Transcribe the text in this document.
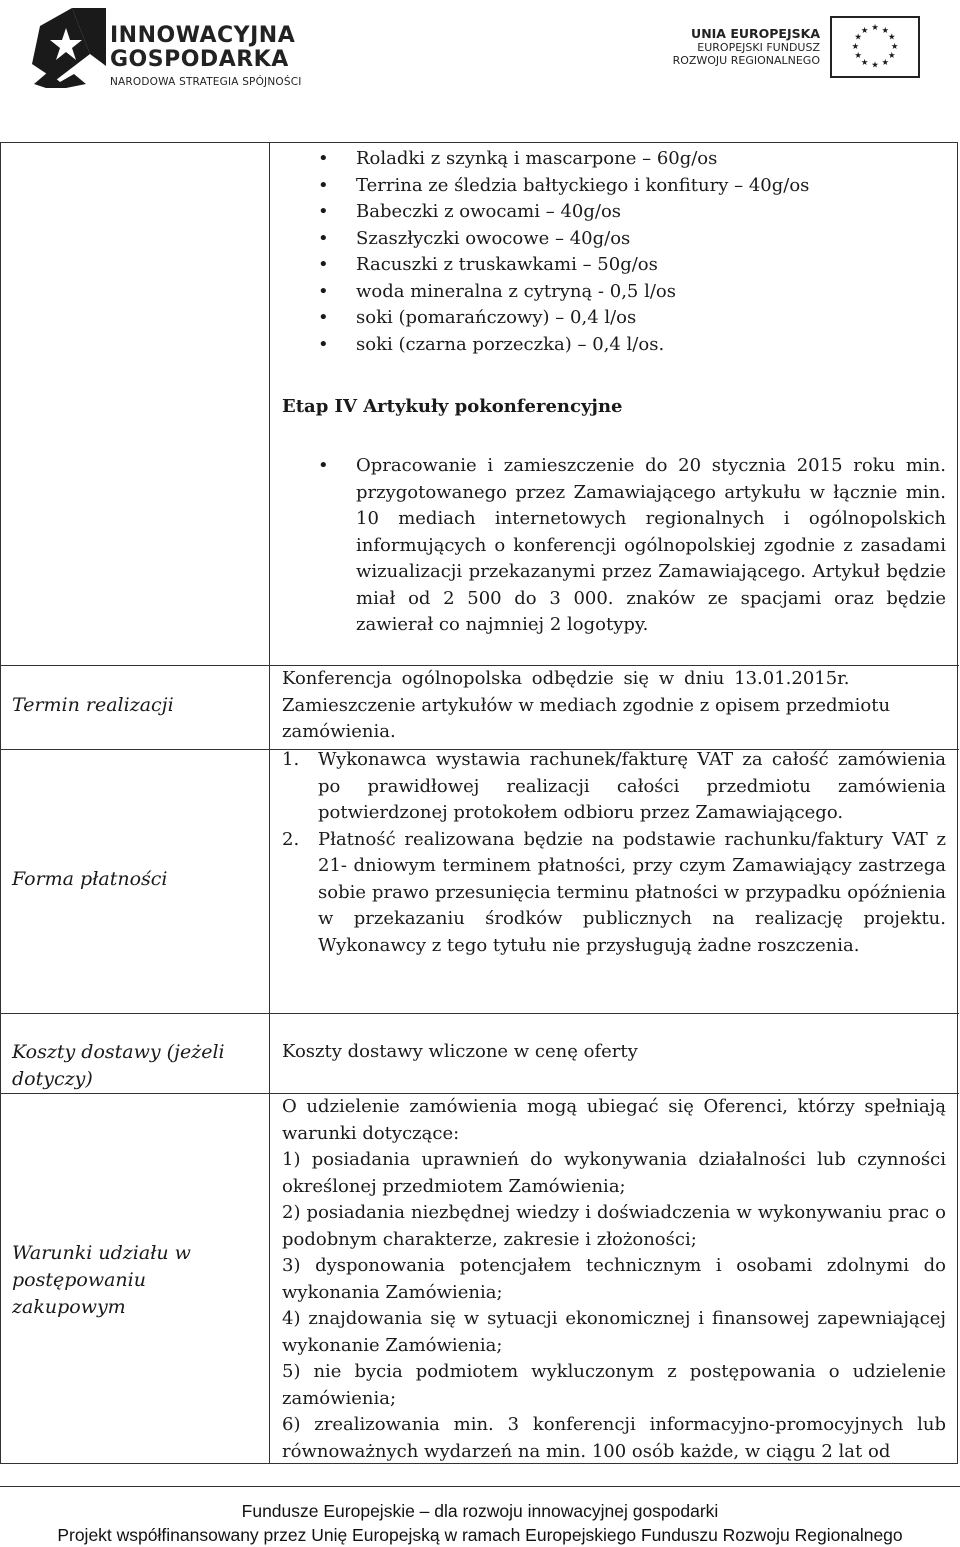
INNOWACYJNA
GOSPODARKA
NARODOWA STRATEGIA SPÓJNOŚCI
UNIA EUROPEJSKA
EUROPEJSKI FUNDUSZ
ROZWOJU REGIONALNEGO
★ ★
★
★
★
★
★
★
★
★
★
★
• Roladki z szynką i mascarpone – 60g/os
• Terrina ze śledzia bałtyckiego i konfitury – 40g/os
• Babeczki z owocami – 40g/os
• Szaszłyczki owocowe – 40g/os
• Racuszki z truskawkami – 50g/os
• woda mineralna z cytryną - 0,5 l/os
• soki (pomarańczowy) – 0,4 l/os
• soki (czarna porzeczka) – 0,4 l/os.
Etap IV Artykuły pokonferencyjne
• Opracowanie i zamieszczenie do 20 stycznia 2015 roku min. przygotowanego przez Zamawiającego artykułu w łącznie min. 10 mediach internetowych regionalnych i ogólnopolskich informujących o konferencji ogólnopolskiej zgodnie z zasadami wizualizacji przekazanymi przez Zamawiającego. Artykuł będzie miał od 2 500 do 3 000. znaków ze spacjami oraz będzie zawierał co najmniej 2 logotypy.
Termin realizacji

Konferencja ogólnopolska odbędzie się w dniu 13.01.2015r.

Zamieszczenie artykułów w mediach zgodnie z opisem przedmiotu zamówienia.

Forma płatności
1. Wykonawca wystawia rachunek/fakturę VAT za całość zamówienia po prawidłowej realizacji całości przedmiotu zamówienia potwierdzonej protokołem odbioru przez Zamawiającego.
2. Płatność realizowana będzie na podstawie rachunku/faktury VAT z 21- dniowym terminem płatności, przy czym Zamawiający zastrzega sobie prawo przesunięcia terminu płatności w przypadku opóźnienia w przekazaniu środków publicznych na realizację projektu. Wykonawcy z tego tytułu nie przysługują żadne roszczenia.
Koszty dostawy (jeżeli dotyczy)
Koszty dostawy wliczone w cenę oferty
Warunki udziału w postępowaniu zakupowym

O udzielenie zamówienia mogą ubiegać się Oferenci, którzy spełniają warunki dotyczące:

1) posiadania uprawnień do wykonywania działalności lub czynności określonej przedmiotem Zamówienia;

2) posiadania niezbędnej wiedzy i doświadczenia w wykonywaniu prac o podobnym charakterze, zakresie i złożoności;

3) dysponowania potencjałem technicznym i osobami zdolnymi do wykonania Zamówienia;

4) znajdowania się w sytuacji ekonomicznej i finansowej zapewniającej wykonanie Zamówienia;

5) nie bycia podmiotem wykluczonym z postępowania o udzielenie zamówienia;

6) zrealizowania min. 3 konferencji informacyjno-promocyjnych lub równoważnych wydarzeń na min. 100 osób każde, w ciągu 2 lat od

Fundusze Europejskie – dla rozwoju innowacyjnej gospodarki

Projekt współfinansowany przez Unię Europejską w ramach Europejskiego Funduszu Rozwoju Regionalnego
